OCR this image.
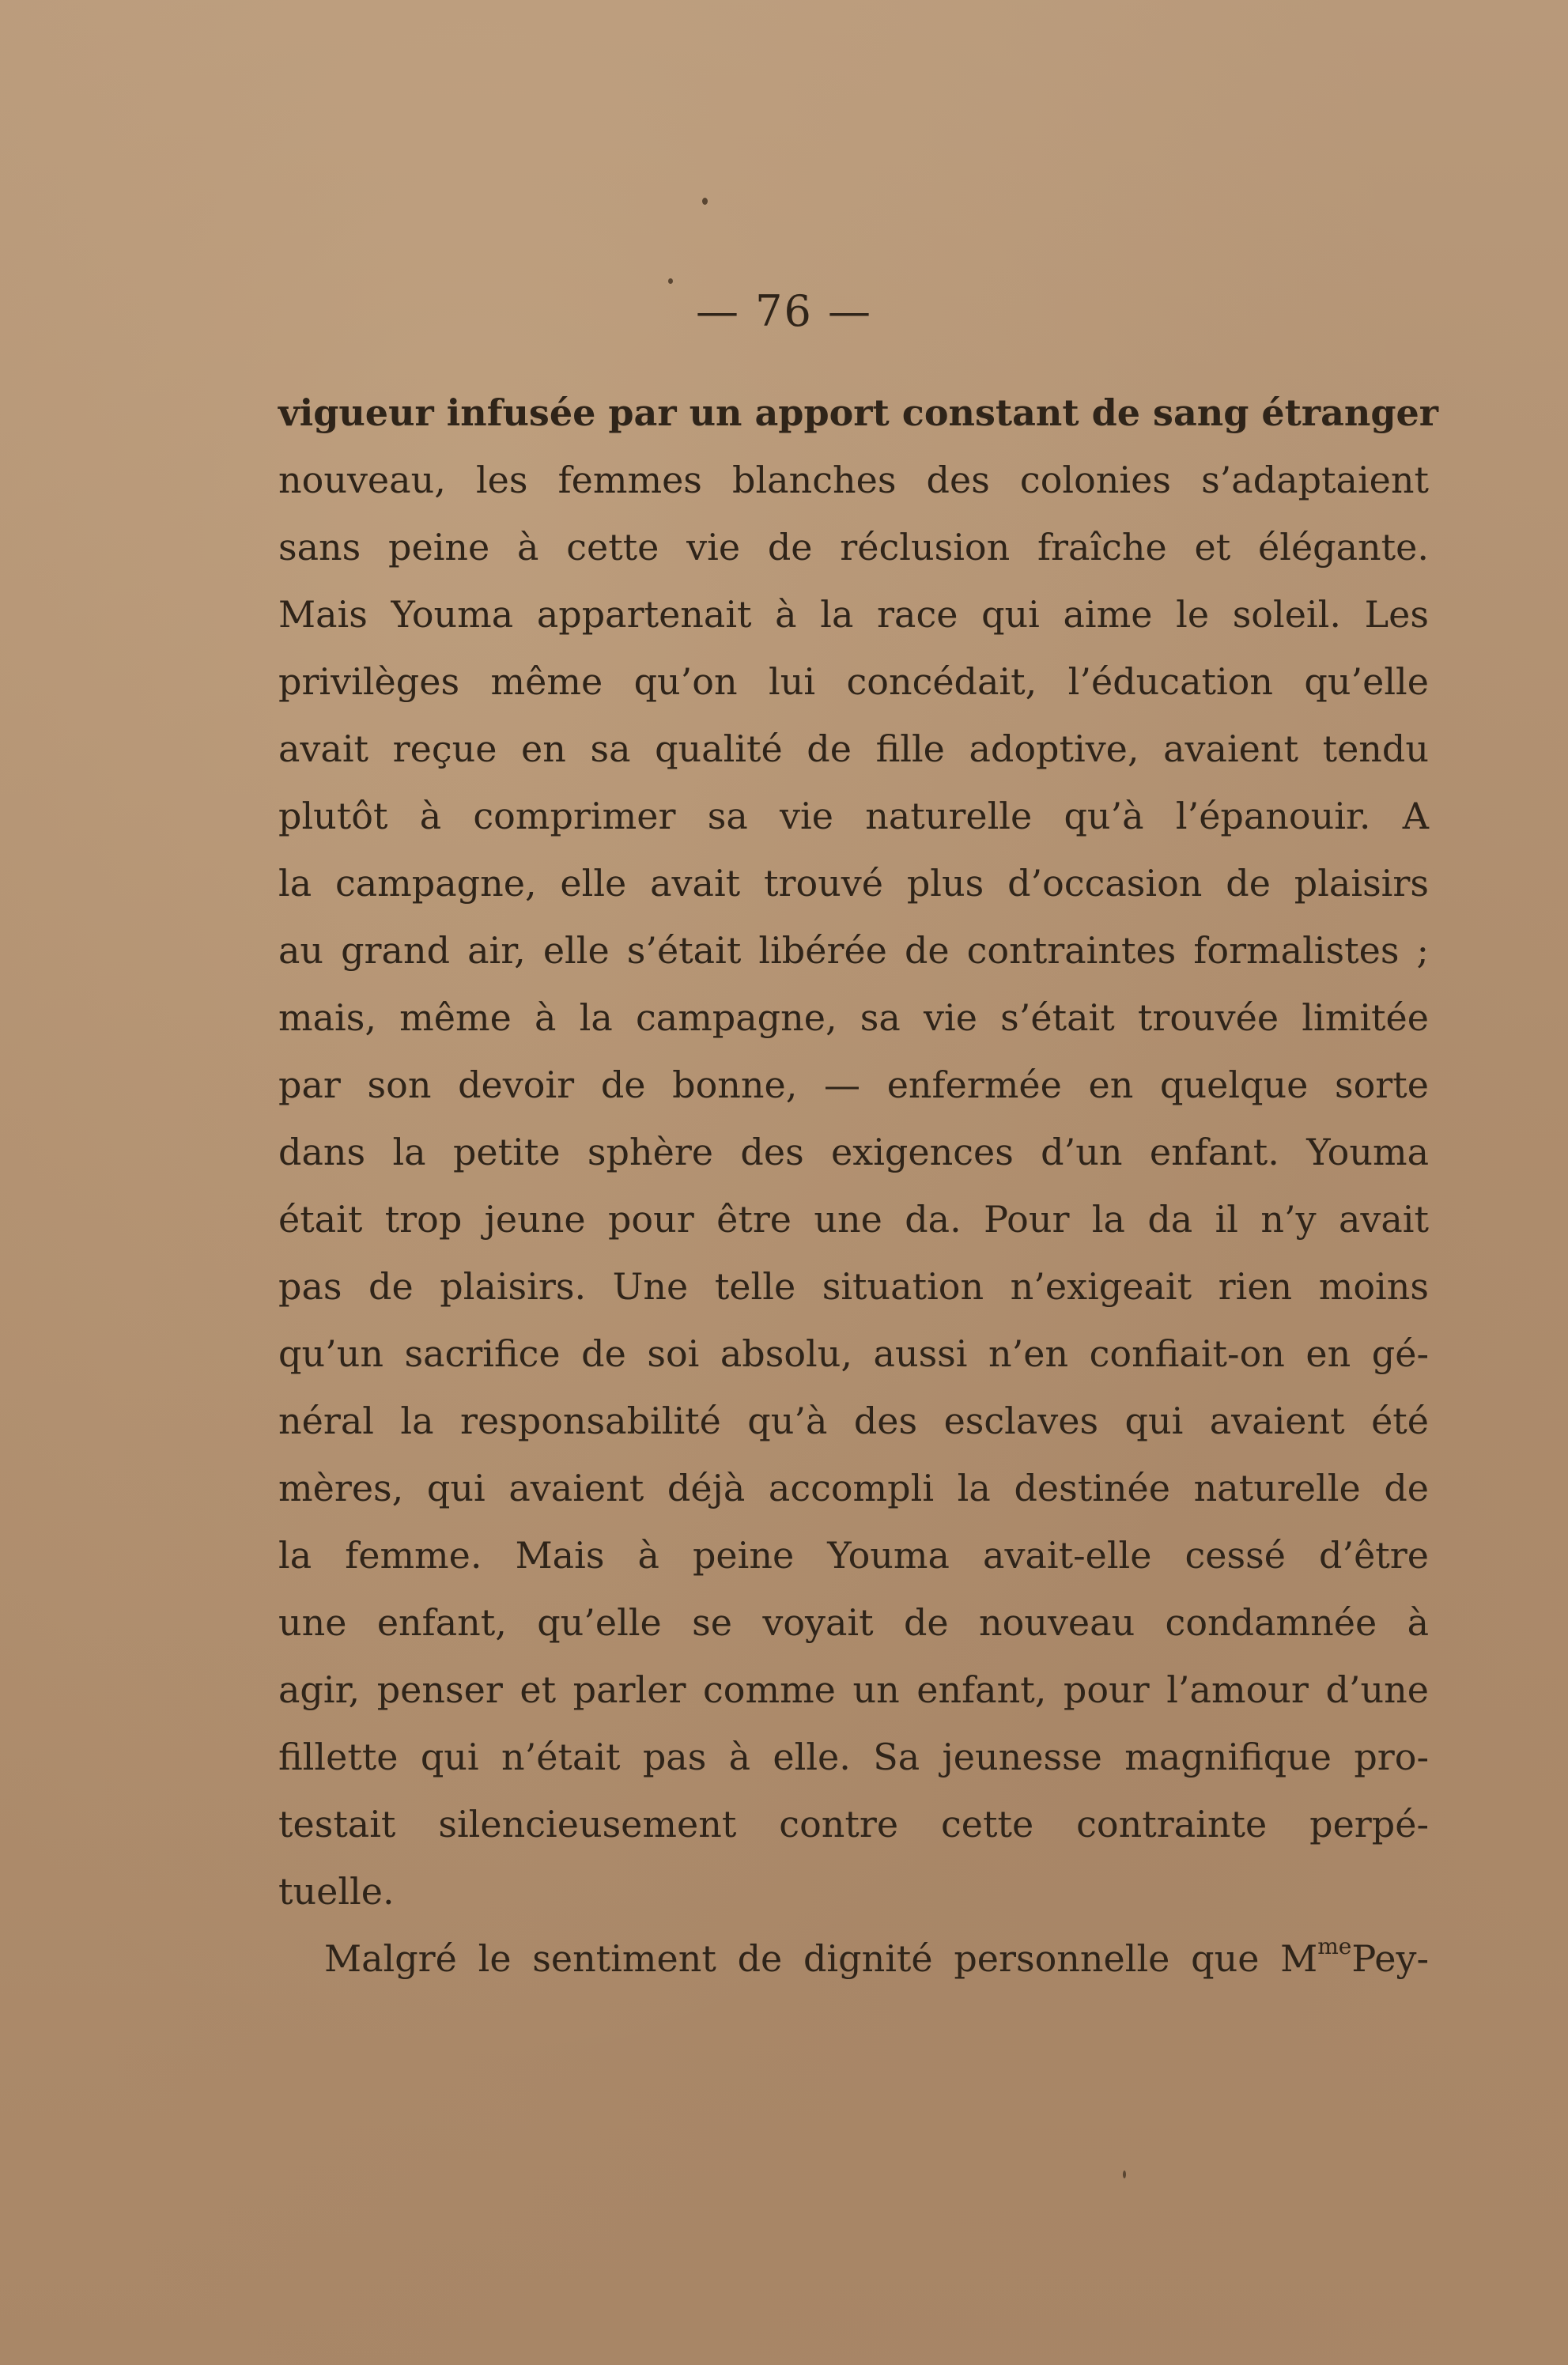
— 76 —
vigueur infusée par un apport constant de sang étranger
nouveau, les femmes blanches des colonies s’adaptaient
sans peine à cette vie de réclusion fraîche et élégante.
Mais Youma appartenait à la race qui aime le soleil. Les
privilèges même qu’on lui concédait, l’éducation qu’elle
avait reçue en sa qualité de fille adoptive, avaient tendu
plutôt à comprimer sa vie naturelle qu’à l’épanouir. A
la campagne, elle avait trouvé plus d’occasion de plaisirs
au grand air, elle s’était libérée de contraintes formalistes ;
mais, même à la campagne, sa vie s’était trouvée limitée
par son devoir de bonne, — enfermée en quelque sorte
dans la petite sphère des exigences d’un enfant. Youma
était trop jeune pour être une da. Pour la da il n’y avait
pas de plaisirs. Une telle situation n’exigeait rien moins
qu’un sacrifice de soi absolu, aussi n’en confiait-on en gé-
néral la responsabilité qu’à des esclaves qui avaient été
mères, qui avaient déjà accompli la destinée naturelle de
la femme. Mais à peine Youma avait-elle cessé d’être
une enfant, qu’elle se voyait de nouveau condamnée à
agir, penser et parler comme un enfant, pour l’amour d’une
fillette qui n’était pas à elle. Sa jeunesse magnifique pro-
testait silencieusement contre cette contrainte perpé-
tuelle.
Malgré le sentiment de dignité personnelle que $M^{me}Pey-$
